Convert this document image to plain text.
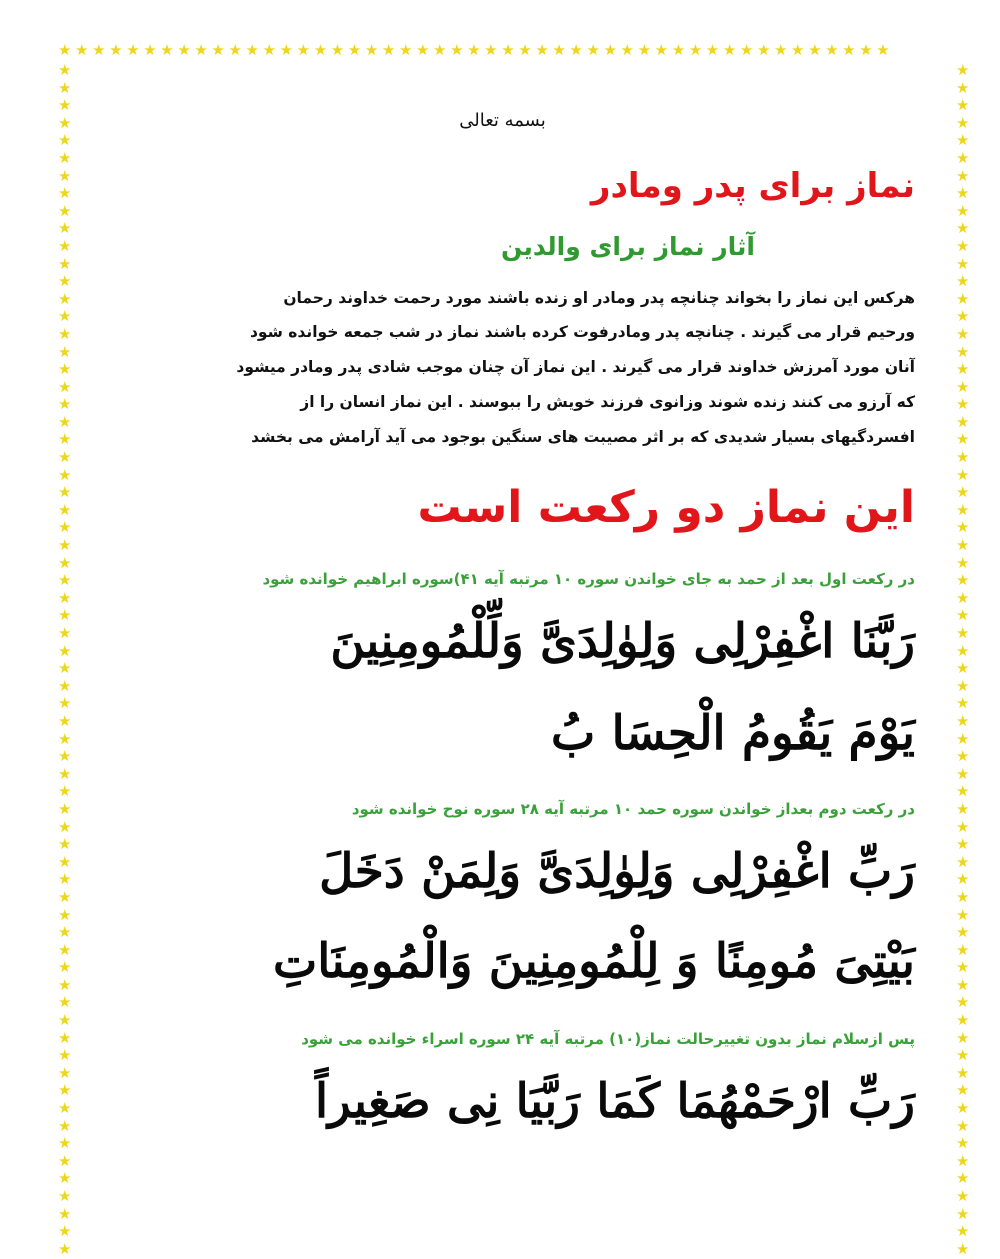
★★★★★★★★★★★★★★★★★★★★★★★★★★★★★★★★★★★★★★★★★★★★★★★★★
★★★★★★★★★★★★★★★★★★★★★★★★★★★★★★★★★★★★★★★★★★★★★★★★★★★★★★★★★★★★★★★★★★★★
★★★★★★★★★★★★★★★★★★★★★★★★★★★★★★★★★★★★★★★★★★★★★★★★★★★★★★★★★★★★★★★★★★★★
بسمه تعالی
نماز برای پدر ومادر
آثار نماز برای والدین
هرکس این نماز را بخواند چنانچه پدر ومادر او زنده باشند مورد رحمت خداوند رحمان
ورحیم قرار می گیرند . چنانچه پدر ومادرفوت کرده باشند نماز در شب جمعه خوانده شود
آنان مورد آمرزش خداوند قرار می گیرند . این نماز آن چنان موجب شادی پدر ومادر میشود
که آرزو می کنند زنده شوند وزانوی فرزند خویش را ببوسند . این نماز انسان را از
افسردگیهای بسیار شدیدی که بر اثر مصیبت های سنگین بوجود می آید آرامش می بخشد
این نماز دو رکعت است
در رکعت اول بعد از حمد به جای خواندن سوره ۱۰ مرتبه آیه ۴۱)سوره ابراهیم خوانده شود
رَبَّنَا اغْفِرْلِی وَلِوٰلِدَیَّ وَلِّلْمُومِنِینَ
یَوْمَ یَقُومُ الْحِسَا بُ
در رکعت دوم بعداز خواندن سوره حمد ۱۰ مرتبه آیه ۲۸ سوره نوح خوانده شود
رَبِّ اغْفِرْلِی وَلِوٰلِدَیَّ وَلِمَنْ دَخَلَ
بَیْتِیَ مُومِنًا وَ لِلْمُومِنِینَ وَالْمُومِنَاتِ
پس ازسلام نماز بدون تغییرحالت نماز(۱۰) مرتبه آیه ۲۴ سوره اسراء خوانده می شود
رَبِّ ارْحَمْهُمَا کَمَا رَبَّیَا نِی صَغِیراً
